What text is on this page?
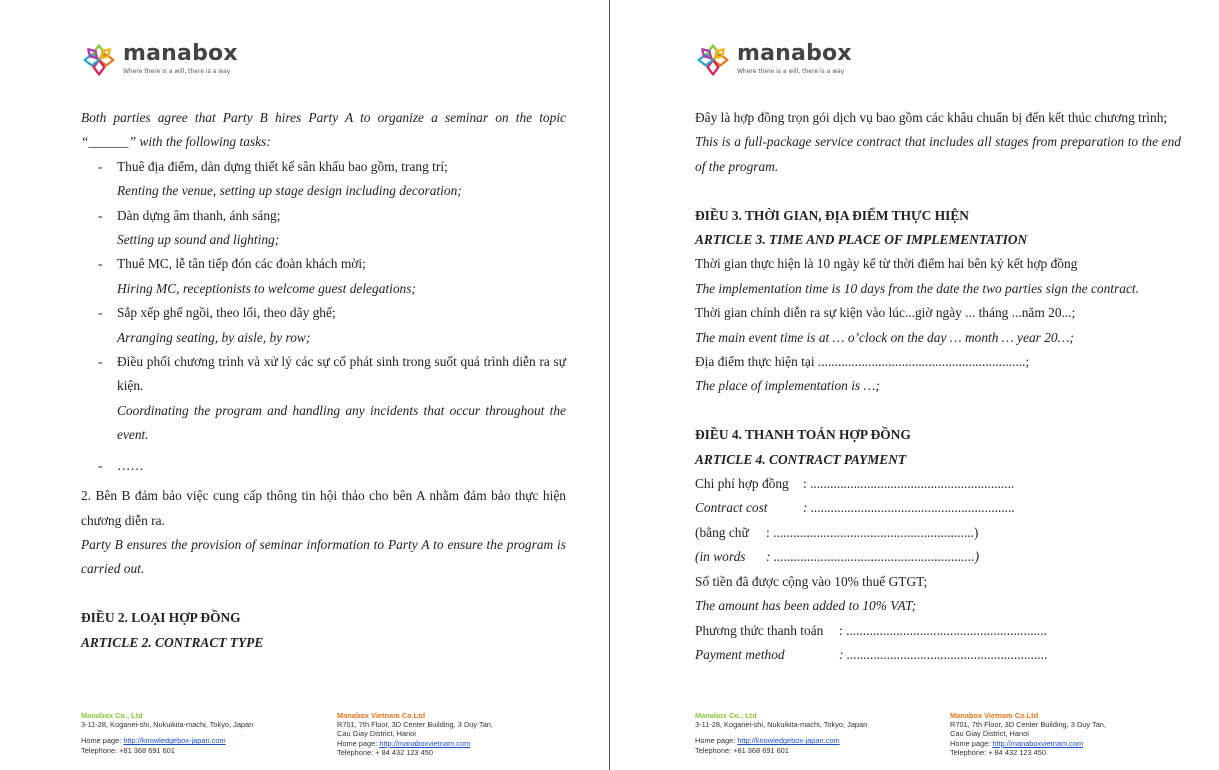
manabox
Where there is a will, there is a way
Both parties agree that Party B hires Party A to organize a seminar on the topic “______” with the following tasks:
- Thuê địa điểm, dàn dựng thiết kế sân khấu bao gồm, trang trí;
Renting the venue, setting up stage design including decoration;
- Dàn dựng âm thanh, ánh sáng;
Setting up sound and lighting;
- Thuê MC, lễ tân tiếp đón các đoàn khách mời;
Hiring MC, receptionists to welcome guest delegations;
- Sắp xếp ghế ngồi, theo lối, theo dãy ghế;
Arranging seating, by aisle, by row;
- Điều phối chương trình và xử lý các sự cố phát sinh trong suốt quá trình diễn ra sự kiện.
Coordinating the program and handling any incidents that occur throughout the event.
- ……
2. Bên B đảm bảo việc cung cấp thông tin hội thảo cho bên A nhằm đảm bảo thực hiện chương diễn ra.
Party B ensures the provision of seminar information to Party A to ensure the program is carried out.
ĐIỀU 2. LOẠI HỢP ĐỒNG
ARTICLE 2. CONTRACT TYPE
Manabox Co., Ltd
3-11-28, Koganei-shi, Nukuikita-machi, Tokyo, Japan
Home page: http://knowledgebox-japan.com
Telephone: +81 368 691 601
Manabox Vietnam Co.Ltd
R701, 7th Floor, 3D Center Building, 3 Duy Tan,
Cau Giay District, Hanoi
Home page: http://manaboxvietnam.com
Telephone: + 84 432 123 450
manabox
Where there is a will, there is a way
Đây là hợp đồng trọn gói dịch vụ bao gồm các khâu chuẩn bị đến kết thúc chương trình;
This is a full-package service contract that includes all stages from preparation to the end of the program.
ĐIỀU 3. THỜI GIAN, ĐỊA ĐIỂM THỰC HIỆN
ARTICLE 3. TIME AND PLACE OF IMPLEMENTATION
Thời gian thực hiện là 10 ngày kể từ thời điểm hai bên ký kết hợp đồng
The implementation time is 10 days from the date the two parties sign the contract.
Thời gian chính diễn ra sự kiện vào lúc...giờ ngày ... tháng ...năm 20...;
The main event time is at … o’clock on the day … month … year 20…;
Địa điểm thực hiện tại ..............................................................;
The place of implementation is …;
ĐIỀU 4. THANH TOÁN HỢP ĐỒNG
ARTICLE 4. CONTRACT PAYMENT
Chi phí hợp đồng	: .............................................................
Contract cost	: .............................................................
(bằng chữ	: ............................................................)
(in words	: ............................................................)
Số tiền đã được cộng vào 10% thuế GTGT;
The amount has been added to 10% VAT;
Phương thức thanh toán	: ............................................................
Payment method	: ............................................................
Manabox Co., Ltd
3-11-28, Koganei-shi, Nukuikita-machi, Tokyo, Japan
Home page: http://knowledgebox-japan.com
Telephone: +81 368 691 601
Manabox Vietnam Co.Ltd
R701, 7th Floor, 3D Center Building, 3 Duy Tan,
Cau Giay District, Hanoi
Home page: http://manaboxvietnam.com
Telephone: + 84 432 123 450
